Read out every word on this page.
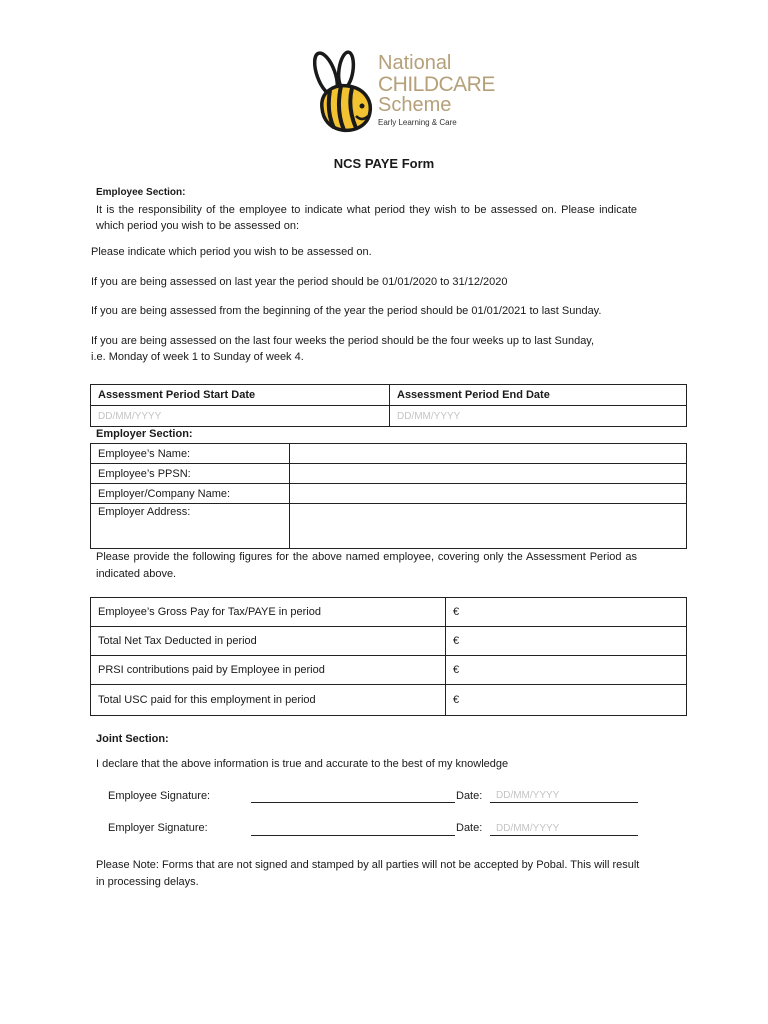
National
CHILDCARE
Scheme
Early Learning & Care
NCS PAYE Form
Employee Section:
It is the responsibility of the employee to indicate what period they wish to be assessed on. Please indicate which period you wish to be assessed on:
Please indicate which period you wish to be assessed on.
If you are being assessed on last year the period should be 01/01/2020 to 31/12/2020
If you are being assessed from the beginning of the year the period should be 01/01/2021 to last Sunday.
If you are being assessed on the last four weeks the period should be the four weeks up to last Sunday,
i.e. Monday of week 1 to Sunday of week 4.
Assessment Period Start Date	Assessment Period End Date
DD/MM/YYYY	DD/MM/YYYY
Employer Section:
Employee’s Name:	
Employee’s PPSN:	
Employer/Company Name:	
Employer Address:	
Please provide the following figures for the above named employee, covering only the Assessment Period as indicated above.
Employee’s Gross Pay for Tax/PAYE in period	€
Total Net Tax Deducted in period	€
PRSI contributions paid by Employee in period	€
Total USC paid for this employment in period	€
Joint Section:
I declare that the above information is true and accurate to the best of my knowledge
Employee Signature:	Date: DD/MM/YYYY
Employer Signature:	Date: DD/MM/YYYY
Please Note: Forms that are not signed and stamped by all parties will not be accepted by Pobal. This will result in processing delays.
